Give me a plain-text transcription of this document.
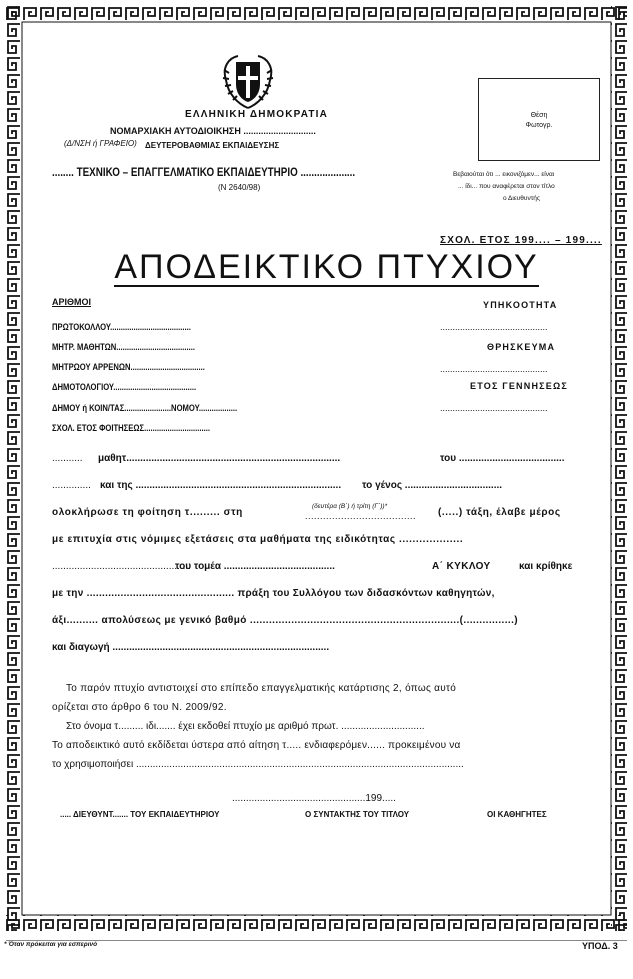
ΕΛΛΗΝΙΚΗ ΔΗΜΟΚΡΑΤΙΑ
ΝΟΜΑΡΧΙΑΚΗ ΑΥΤΟΔΙΟΙΚΗΣΗ .............................
(Δ/ΝΣΗ ή ΓΡΑΦΕΙΟ) ΔΕΥΤΕΡΟΒΑΘΜΙΑΣ ΕΚΠΑΙΔΕΥΣΗΣ
........ ΤΕΧΝΙΚΟ – ΕΠΑΓΓΕΛΜΑΤΙΚΟ ΕΚΠΑΙΔΕΥΤΗΡΙΟ ....................
(Ν 2640/98)
Θέση
Φωτογρ.
Βεβαιούται ότι ... εικονιζόμεν... είναι
... ίδι... που αναφέρεται στον τίτλο
ο Διευθυντής
ΣΧΟΛ. ΕΤΟΣ 199.... – 199....
ΑΠΟΔΕΙΚΤΙΚΟ ΠΤΥΧΙΟΥ
ΑΡΙΘΜΟΙ
ΠΡΩΤΟΚΟΛΛΟΥ......................................
ΜΗΤΡ. ΜΑΘΗΤΩΝ.....................................
ΜΗΤΡΩΟΥ ΑΡΡΕΝΩΝ...................................
ΔΗΜΟΤΟΛΟΓΙΟΥ.......................................
ΔΗΜΟΥ ή ΚΟΙΝ/ΤΑΣ......................ΝΟΜΟΥ..................
ΣΧΟΛ. ΕΤΟΣ ΦΟΙΤΗΣΕΩΣ...............................
ΥΠΗΚΟΟΤΗΤΑ
...........................................
ΘΡΗΣΚΕΥΜΑ
...........................................
ΕΤΟΣ ΓΕΝΝΗΣΕΩΣ
...........................................
........... μαθητ.............................................................................	του ......................................
.............. και της .......................................................................... το γένος ...................................
ολοκλήρωσε τη φοίτηση τ......... στη
(δευτέρα (Β΄) ή τρίτη (Γ΄))*
..................................... (.....) τάξη, έλαβε μέρος
με επιτυχία στις νόμιμες εξετάσεις στα μαθήματα της ειδικότητας ...................
..................................................
του τομέα ........................................	Α΄ ΚΥΚΛΟΥ	και κρίθηκε
με την ................................................ πράξη του Συλλόγου των διδασκόντων καθηγητών,
άξι.......... απολύσεως με γενικό βαθμό ..................................................................(................)
και διαγωγή ..............................................................................
Το παρόν πτυχίο αντιστοιχεί στο επίπεδο επαγγελματικής κατάρτισης 2, όπως αυτό
ορίζεται στο άρθρο 6 του Ν. 2009/92.
Στο όνομα τ......... ιδι....... έχει εκδοθεί πτυχίο με αριθμό πρωτ. ..............................
Το αποδεικτικό αυτό εκδίδεται ύστερα από αίτηση τ..... ενδιαφερόμεν...... προκειμένου να
το χρησιμοποιήσει ......................................................................................................................
................................................199.....
..... ΔΙΕΥΘΥΝΤ....... ΤΟΥ ΕΚΠΑΙΔΕΥΤΗΡΙΟΥ	Ο ΣΥΝΤΑΚΤΗΣ ΤΟΥ ΤΙΤΛΟΥ	ΟΙ ΚΑΘΗΓΗΤΕΣ
* Όταν πρόκειται για εσπερινό	ΥΠΟΔ. 3
